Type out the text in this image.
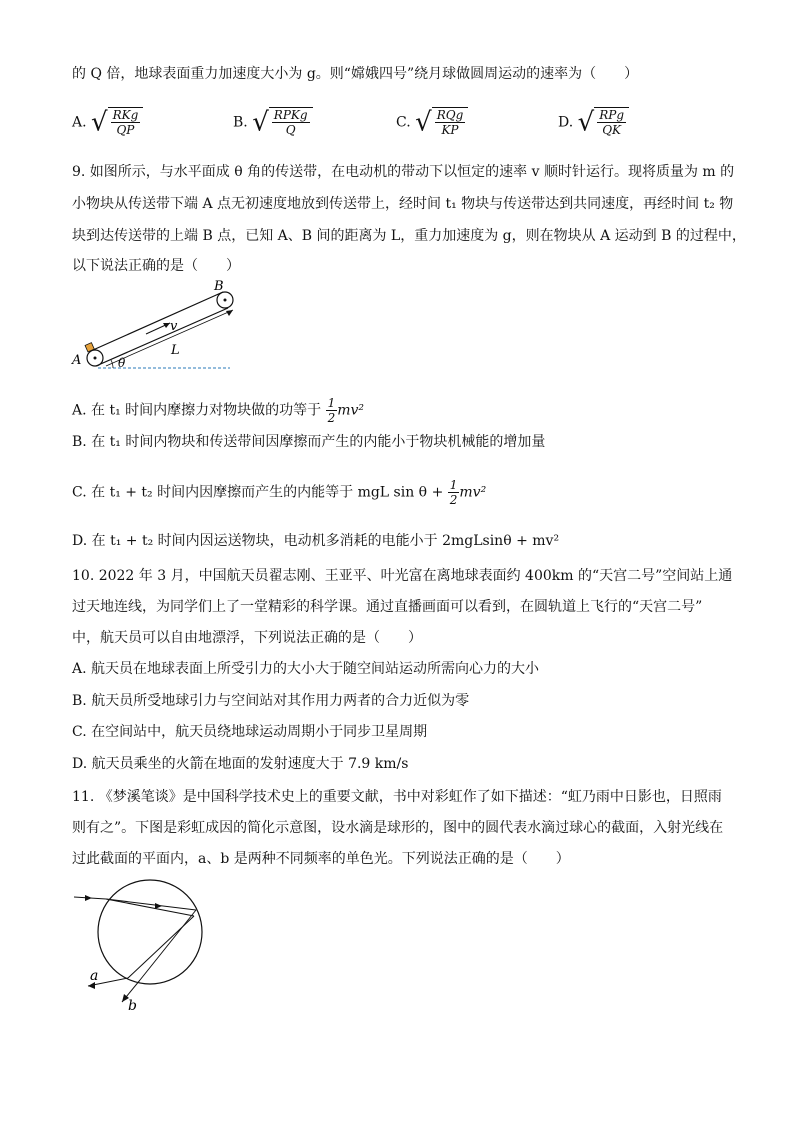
的 Q 倍，地球表面重力加速度大小为 g。则“嫦娥四号”绕月球做圆周运动的速率为（　　）
A. √ $\frac{\text{RKg}}{QP}$	B. √ $\frac{\text{RPKg}}{Q}$	C. √ $\frac{\text{RQg}}{KP}$	D. √ $\frac{\text{RPg}}{QK}$
9. 如图所示，与水平面成 θ 角的传送带，在电动机的带动下以恒定的速率 v 顺时针运行。现将质量为 m 的
小物块从传送带下端 A 点无初速度地放到传送带上，经时间 t₁ 物块与传送带达到共同速度，再经时间 t₂ 物
块到达传送带的上端 B 点，已知 A、B 间的距离为 L，重力加速度为 g，则在物块从 A 运动到 B 的过程中，
以下说法正确的是（　　）
A
B
v
L
θ
A. 在 t₁ 时间内摩擦力对物块做的功等于 $\frac{1}{2} mv^2$
B. 在 t₁ 时间内物块和传送带间因摩擦而产生的内能小于物块机械能的增加量
C. 在 t₁ + t₂ 时间内因摩擦而产生的内能等于 mgL $\sin \theta + \frac{1}{2} mv^2$
D. 在 t₁ + t₂ 时间内因运送物块，电动机多消耗的电能小于 2mgLsinθ + mv²
10. 2022 年 3 月，中国航天员翟志刚、王亚平、叶光富在离地球表面约 400km 的“天宫二号”空间站上通
过天地连线，为同学们上了一堂精彩的科学课。通过直播画面可以看到，在圆轨道上飞行的“天宫二号”
中，航天员可以自由地漂浮，下列说法正确的是（　　）
A. 航天员在地球表面上所受引力的大小大于随空间站运动所需向心力的大小
B. 航天员所受地球引力与空间站对其作用力两者的合力近似为零
C. 在空间站中，航天员绕地球运动周期小于同步卫星周期
D. 航天员乘坐的火箭在地面的发射速度大于 7.9 km/s
11. 《梦溪笔谈》是中国科学技术史上的重要文献，书中对彩虹作了如下描述：“虹乃雨中日影也，日照雨
则有之”。下图是彩虹成因的简化示意图，设水滴是球形的，图中的圆代表水滴过球心的截面，入射光线在
过此截面的平面内，a、b 是两种不同频率的单色光。下列说法正确的是（　　）
a
b
